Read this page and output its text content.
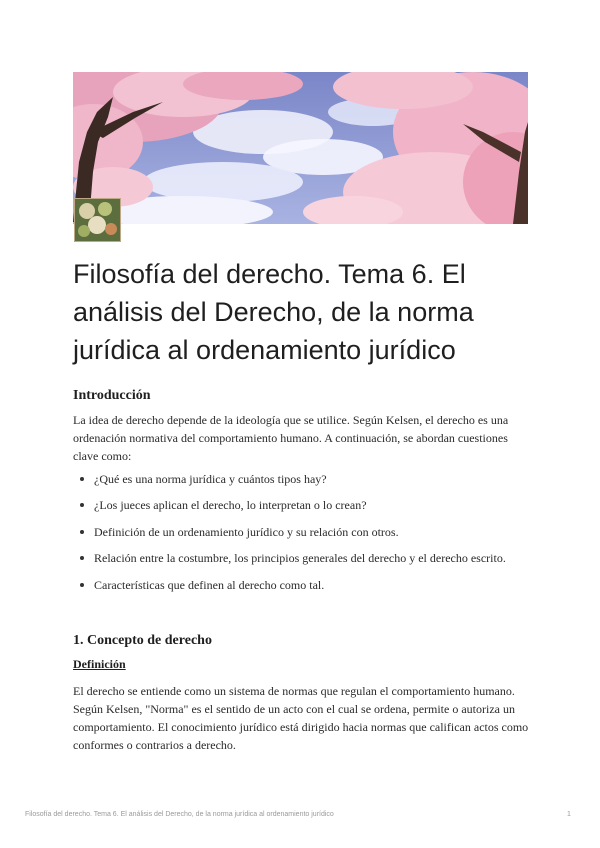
Filosofía del derecho. Tema 6. El análisis del Derecho, de la norma jurídica al ordenamiento jurídico
Introducción

La idea de derecho depende de la ideología que se utilice. Según Kelsen, el derecho es una ordenación normativa del comportamiento humano. A continuación, se abordan cuestiones clave como:

¿Qué es una norma jurídica y cuántos tipos hay?
¿Los jueces aplican el derecho, lo interpretan o lo crean?
Definición de un ordenamiento jurídico y su relación con otros.
Relación entre la costumbre, los principios generales del derecho y el derecho escrito.
Características que definen al derecho como tal.
1. Concepto de derecho
Definición

El derecho se entiende como un sistema de normas que regulan el comportamiento humano. Según Kelsen, "Norma" es el sentido de un acto con el cual se ordena, permite o autoriza un comportamiento. El conocimiento jurídico está dirigido hacia normas que califican actos como conformes o contrarios a derecho.

Filosofía del derecho. Tema 6. El análisis del Derecho, de la norma jurídica al ordenamiento jurídico	1
